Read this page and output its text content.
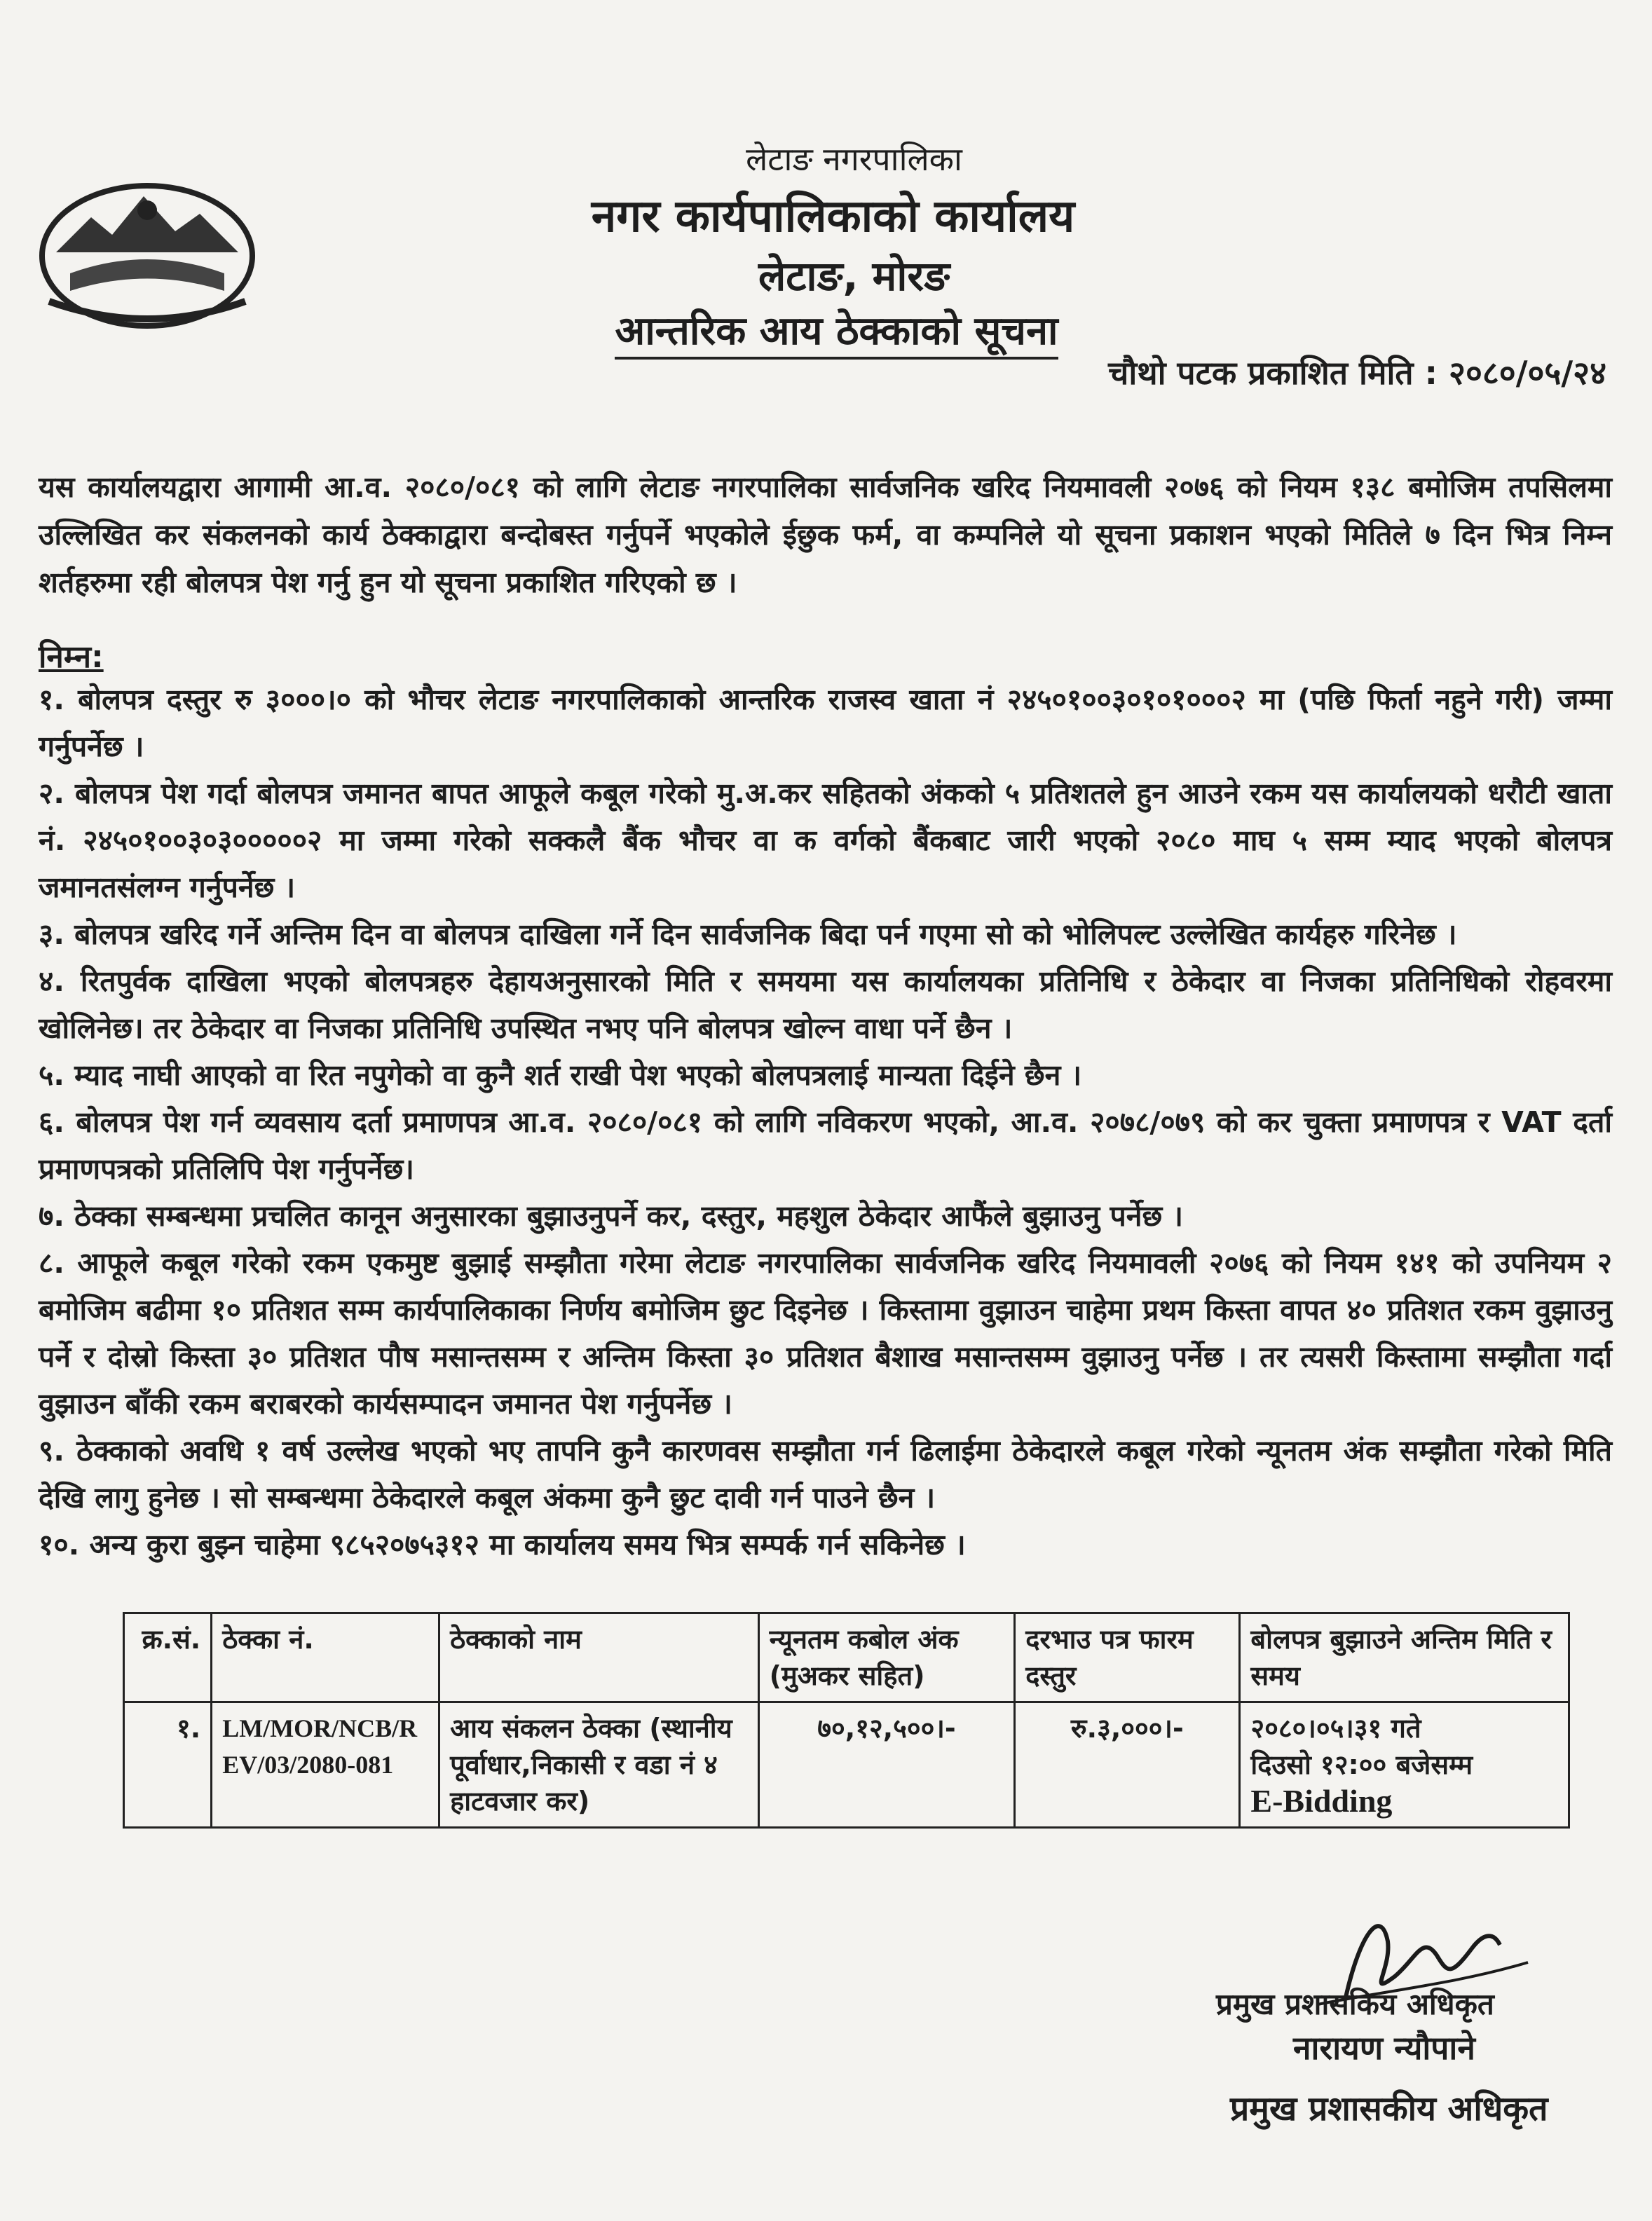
लेटाङ नगरपालिका
नगर कार्यपालिकाको कार्यालय
लेटाङ, मोरङ
आन्तरिक आय ठेक्काको सूचना
चौथो पटक प्रकाशित मिति : २०८०/०५/२४

यस कार्यालयद्वारा आगामी आ.व. २०८०/०८१ को लागि लेटाङ नगरपालिका सार्वजनिक खरिद नियमावली २०७६ को नियम १३८ बमोजिम तपसिलमा उल्लिखित कर संकलनको कार्य ठेक्काद्वारा बन्दोबस्त गर्नुपर्ने भएकोले ईछुक फर्म, वा कम्पनिले यो सूचना प्रकाशन भएको मितिले ७ दिन भित्र निम्न शर्तहरुमा रही बोलपत्र पेश गर्नु हुन यो सूचना प्रकाशित गरिएको छ ।

निम्न:
१. बोलपत्र दस्तुर रु ३०००।० को भौचर लेटाङ नगरपालिकाको आन्तरिक राजस्व खाता नं २४५०१००३०१०१०००२ मा (पछि फिर्ता नहुने गरी) जम्मा गर्नुपर्नेछ ।
२. बोलपत्र पेश गर्दा बोलपत्र जमानत बापत आफूले कबूल गरेको मु.अ.कर सहितको अंकको ५ प्रतिशतले हुन आउने रकम यस कार्यालयको धरौटी खाता नं. २४५०१००३०३०००००२ मा जम्मा गरेको सक्कलै बैंक भौचर वा क वर्गको बैंकबाट जारी भएको २०८० माघ ५ सम्म म्याद भएको बोलपत्र जमानतसंलग्न गर्नुपर्नेछ ।
३. बोलपत्र खरिद गर्ने अन्तिम दिन वा बोलपत्र दाखिला गर्ने दिन सार्वजनिक बिदा पर्न गएमा सो को भोलिपल्ट उल्लेखित कार्यहरु गरिनेछ ।
४. रितपुर्वक दाखिला भएको बोलपत्रहरु देहायअनुसारको मिति र समयमा यस कार्यालयका प्रतिनिधि र ठेकेदार वा निजका प्रतिनिधिको रोहवरमा खोलिनेछ। तर ठेकेदार वा निजका प्रतिनिधि उपस्थित नभए पनि बोलपत्र खोल्न वाधा पर्ने छैन ।
५. म्याद नाघी आएको वा रित नपुगेको वा कुनै शर्त राखी पेश भएको बोलपत्रलाई मान्यता दिईने छैन ।
६. बोलपत्र पेश गर्न व्यवसाय दर्ता प्रमाणपत्र आ.व. २०८०/०८१ को लागि नविकरण भएको, आ.व. २०७८/०७९ को कर चुक्ता प्रमाणपत्र र VAT दर्ता प्रमाणपत्रको प्रतिलिपि पेश गर्नुपर्नेछ।
७. ठेक्का सम्बन्धमा प्रचलित कानून अनुसारका बुझाउनुपर्ने कर, दस्तुर, महशुल ठेकेदार आफैंले बुझाउनु पर्नेछ ।
८. आफूले कबूल गरेको रकम एकमुष्ट बुझाई सम्झौता गरेमा लेटाङ नगरपालिका सार्वजनिक खरिद नियमावली २०७६ को नियम १४१ को उपनियम २ बमोजिम बढीमा १० प्रतिशत सम्म कार्यपालिकाका निर्णय बमोजिम छुट दिइनेछ । किस्तामा वुझाउन चाहेमा प्रथम किस्ता वापत ४० प्रतिशत रकम वुझाउनु पर्ने र दोस्रो किस्ता ३० प्रतिशत पौष मसान्तसम्म र अन्तिम किस्ता ३० प्रतिशत बैशाख मसान्तसम्म वुझाउनु पर्नेछ । तर त्यसरी किस्तामा सम्झौता गर्दा वुझाउन बाँकी रकम बराबरको कार्यसम्पादन जमानत पेश गर्नुपर्नेछ ।
९. ठेक्काको अवधि १ वर्ष उल्लेख भएको भए तापनि कुनै कारणवस सम्झौता गर्न ढिलाईमा ठेकेदारले कबूल गरेको न्यूनतम अंक सम्झौता गरेको मिति देखि लागु हुनेछ । सो सम्बन्धमा ठेकेदारले कबूल अंकमा कुनै छुट दावी गर्न पाउने छैन ।
१०. अन्य कुरा बुझ्न चाहेमा ९८५२०७५३१२ मा कार्यालय समय भित्र सम्पर्क गर्न सकिनेछ ।
क्र.सं.	ठेक्का नं.	ठेक्काको नाम	न्यूनतम कबोल अंक (मुअकर सहित)	दरभाउ पत्र फारम दस्तुर	बोलपत्र बुझाउने अन्तिम मिति र समय
१.	LM/MOR/NCB/REV/03/2080-081	आय संकलन ठेक्का (स्थानीय पूर्वाधार,निकासी र वडा नं ४ हाटवजार कर)	७०,१२,५००।-	रु.३,०००।-	२०८०।०५।३१ गते
दिउसो १२:०० बजेसम्म
E-Bidding
प्रमुख प्रशासकिय अधिकृत
नारायण न्यौपाने
प्रमुख प्रशासकीय अधिकृत
